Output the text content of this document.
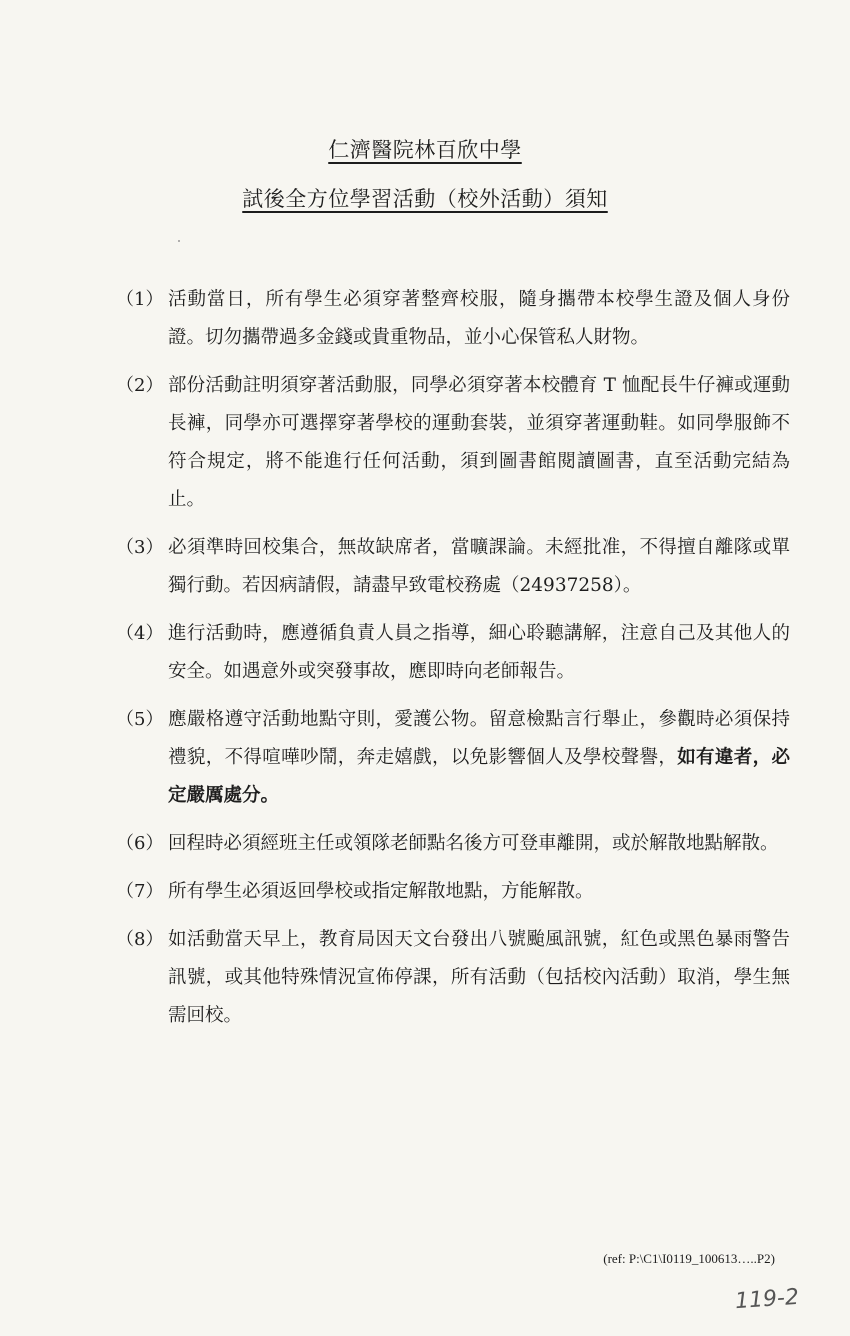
仁濟醫院林百欣中學
試後全方位學習活動（校外活動）須知
（1） 活動當日，所有學生必須穿著整齊校服，隨身攜帶本校學生證及個人身份證。切勿攜帶過多金錢或貴重物品，並小心保管私人財物。
（2） 部份活動註明須穿著活動服，同學必須穿著本校體育 T 恤配長牛仔褲或運動長褲，同學亦可選擇穿著學校的運動套裝，並須穿著運動鞋。如同學服飾不符合規定，將不能進行任何活動，須到圖書館閱讀圖書，直至活動完結為止。
（3） 必須準時回校集合，無故缺席者，當曠課論。未經批准，不得擅自離隊或單獨行動。若因病請假，請盡早致電校務處（24937258）。
（4） 進行活動時，應遵循負責人員之指導，細心聆聽講解，注意自己及其他人的安全。如遇意外或突發事故，應即時向老師報告。
（5） 應嚴格遵守活動地點守則，愛護公物。留意檢點言行舉止，參觀時必須保持禮貌，不得喧嘩吵鬧，奔走嬉戲，以免影響個人及學校聲譽，如有違者，必定嚴厲處分。
（6） 回程時必須經班主任或領隊老師點名後方可登車離開，或於解散地點解散。
（7） 所有學生必須返回學校或指定解散地點，方能解散。
（8） 如活動當天早上，教育局因天文台發出八號颱風訊號，紅色或黑色暴雨警告訊號，或其他特殊情況宣佈停課，所有活動（包括校內活動）取消，學生無需回校。
(ref: P:\C1\I0119_100613…..P2)
119-2
